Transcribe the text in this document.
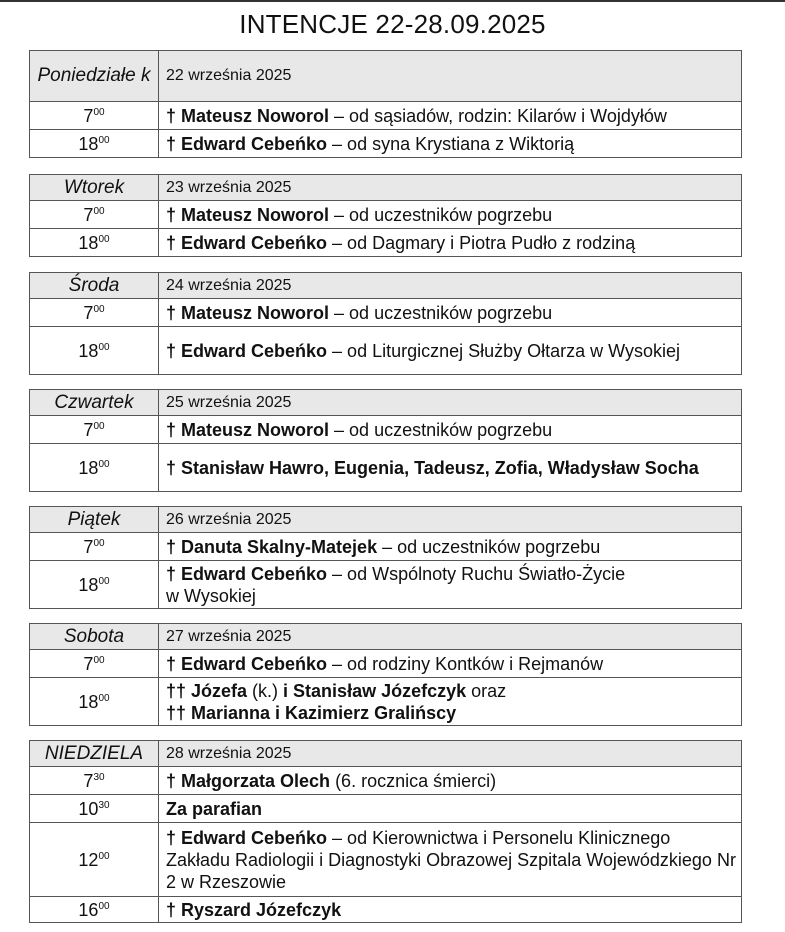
INTENCJE 22-28.09.2025
Poniedziałe k	22 września 2025
$7^{00}$	† Mateusz Noworol – od sąsiadów, rodzin: Kilarów i Wojdyłów
$18^{00}$	† Edward Cebeńko – od syna Krystiana z Wiktorią
Wtorek	23 września 2025
$7^{00}$	† Mateusz Noworol – od uczestników pogrzebu
$18^{00}$	† Edward Cebeńko – od Dagmary i Piotra Pudło z rodziną
Środa	24 września 2025
$7^{00}$	† Mateusz Noworol – od uczestników pogrzebu
$18^{00}$	† Edward Cebeńko – od Liturgicznej Służby Ołtarza w Wysokiej
Czwartek	25 września 2025
$7^{00}$	† Mateusz Noworol – od uczestników pogrzebu
$18^{00}$	† Stanisław Hawro, Eugenia, Tadeusz, Zofia, Władysław Socha
Piątek	26 września 2025
$7^{00}$	† Danuta Skalny-Matejek – od uczestników pogrzebu
$18^{00}$	† Edward Cebeńko – od Wspólnoty Ruchu Światło-Życie
w Wysokiej
Sobota	27 września 2025
$7^{00}$	† Edward Cebeńko – od rodziny Kontków i Rejmanów
$18^{00}$	†† Józefa (k.) i Stanisław Józefczyk oraz
†† Marianna i Kazimierz Gralińscy
NIEDZIELA	28 września 2025
$7^{30}$	† Małgorzata Olech (6. rocznica śmierci)
$10^{30}$	Za parafian
$12^{00}$	† Edward Cebeńko – od Kierownictwa i Personelu Klinicznego Zakładu Radiologii i Diagnostyki Obrazowej Szpitala Wojewódzkiego Nr 2 w Rzeszowie
$16^{00}$	† Ryszard Józefczyk
